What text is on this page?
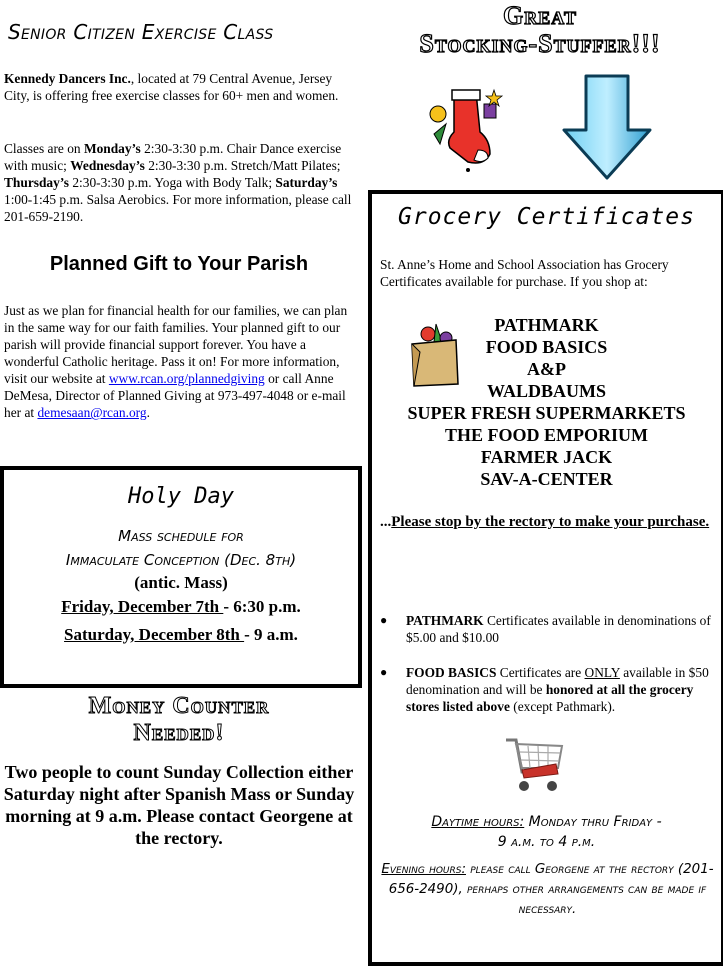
Senior Citizen Exercise Class

Kennedy Dancers Inc., located at 79 Central Avenue, Jersey City, is offering free exercise classes for 60+ men and women.

Classes are on Monday’s 2:30-3:30 p.m. Chair Dance exercise with music; Wednesday’s 2:30-3:30 p.m. Stretch/Matt Pilates; Thursday’s 2:30-3:30 p.m. Yoga with Body Talk; Saturday’s 1:00-1:45 p.m. Salsa Aerobics. For more information, please call 201-659-2190.

Planned Gift to Your Parish

Just as we plan for financial health for our families, we can plan in the same way for our faith families. Your planned gift to our parish will provide financial support forever. You have a wonderful Catholic heritage. Pass it on! For more information, visit our website at www.rcan.org/plannedgiving or call Anne DeMesa, Director of Planned Giving at 973-497-4048 or e-mail her at demesaan@rcan.org.

Holy Day
Mass schedule for
Immaculate Conception (Dec. 8th)
(antic. Mass)
Friday, December 7th - 6:30 p.m.
Saturday, December 8th - 9 a.m.
Money Counter
Needed!
Two people to count Sunday Collection either Saturday night after Spanish Mass or Sunday morning at 9 a.m. Please contact Georgene at the rectory.
Great
Stocking-Stuffer!!!
Grocery Certificates

St. Anne’s Home and School Association has Grocery Certificates available for purchase. If you shop at:

PATHMARK
FOOD BASICS
A&P
WALDBAUMS
SUPER FRESH SUPERMARKETS
THE FOOD EMPORIUM
FARMER JACK
SAV-A-CENTER

...Please stop by the rectory to make your purchase.

● PATHMARK Certificates available in denominations of $5.00 and $10.00
● FOOD BASICS Certificates are ONLY available in $50 denomination and will be honored at all the grocery stores listed above (except Pathmark).
Daytime hours: Monday thru Friday -
9 a.m. to 4 p.m.
Evening hours: please call Georgene at the rectory (201-656-2490), perhaps other arrangements can be made if necessary.
